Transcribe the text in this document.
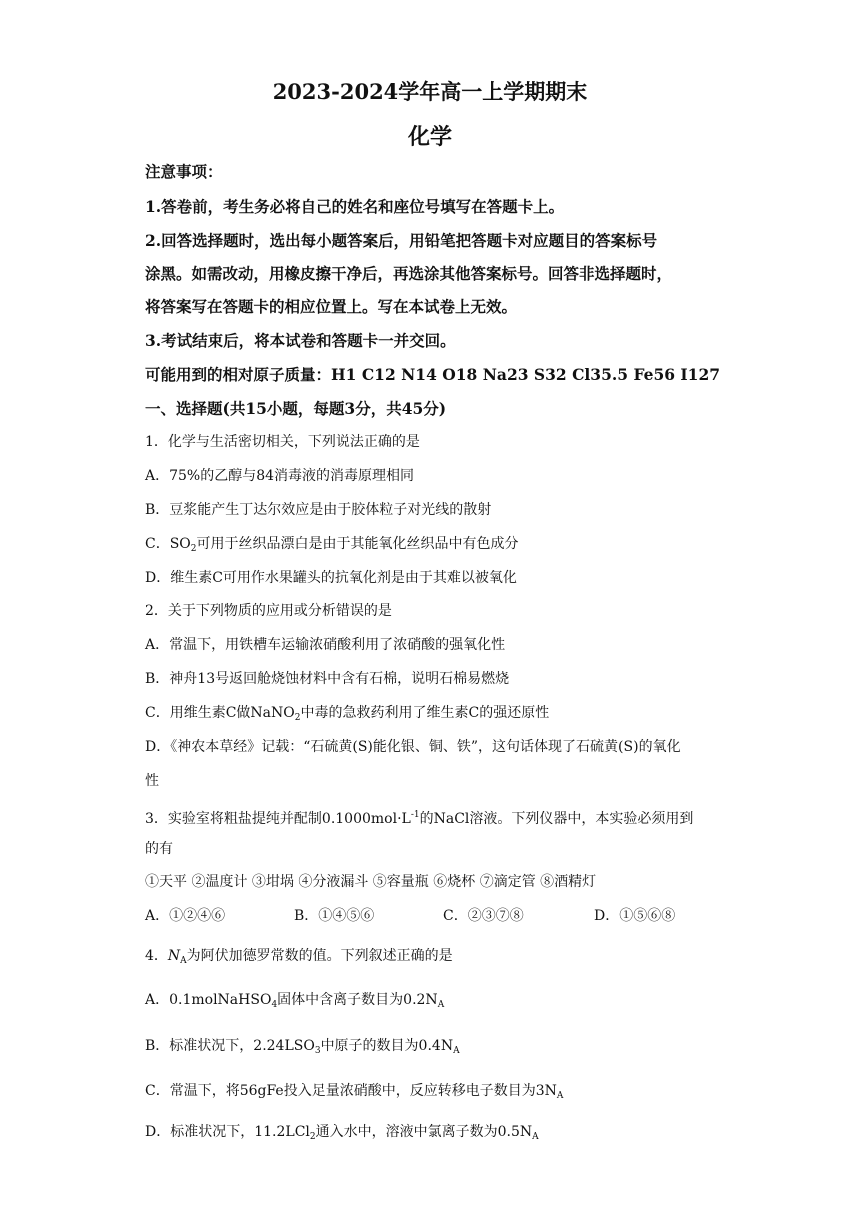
2023-2024学年高一上学期期末
化学
注意事项：
1.答卷前，考生务必将自己的姓名和座位号填写在答题卡上。
2.回答选择题时，选出每小题答案后，用铅笔把答题卡对应题目的答案标号
涂黑。如需改动，用橡皮擦干净后，再选涂其他答案标号。回答非选择题时，
将答案写在答题卡的相应位置上。写在本试卷上无效。
3.考试结束后，将本试卷和答题卡一并交回。
可能用到的相对原子质量：H1 C12 N14 O18 Na23 S32 Cl35.5 Fe56 I127
一、选择题(共15小题，每题3分，共45分)
1．化学与生活密切相关，下列说法正确的是
A．75%的乙醇与84消毒液的消毒原理相同
B．豆浆能产生丁达尔效应是由于胶体粒子对光线的散射
C．$SO_2$可用于丝织品漂白是由于其能氧化丝织品中有色成分
D．维生素C可用作水果罐头的抗氧化剂是由于其难以被氧化
2．关于下列物质的应用或分析错误的是
A．常温下，用铁槽车运输浓硝酸利用了浓硝酸的强氧化性
B．神舟13号返回舱烧蚀材料中含有石棉，说明石棉易燃烧
C．用维生素C做NaNO$_2$中毒的急救药利用了维生素C的强还原性
D．《神农本草经》记载：“石硫黄(S)能化银、铜、铁”，这句话体现了石硫黄(S)的氧化
性
3．实验室将粗盐提纯并配制$0.1000mol\cdot L^{-1}$的NaCl溶液。下列仪器中，本实验必须用到
的有
①天平 ②温度计 ③坩埚 ④分液漏斗 ⑤容量瓶 ⑥烧杯 ⑦滴定管 ⑧酒精灯
A．①②④⑥	B．①④⑤⑥	C．②③⑦⑧	D．①⑤⑥⑧
4．$N_A$为阿伏加德罗常数的值。下列叙述正确的是
A．0.1molNaHSO$_4$固体中含离子数目为$0.2N_A$
B．标准状况下，$2.24LSO_3$中原子的数目为$0.4N_A$
C．常温下，将56gFe投入足量浓硝酸中，反应转移电子数目为$3N_A$
D．标准状况下，11.2LCl$_2$通入水中，溶液中氯离子数为$0.5N_A$
